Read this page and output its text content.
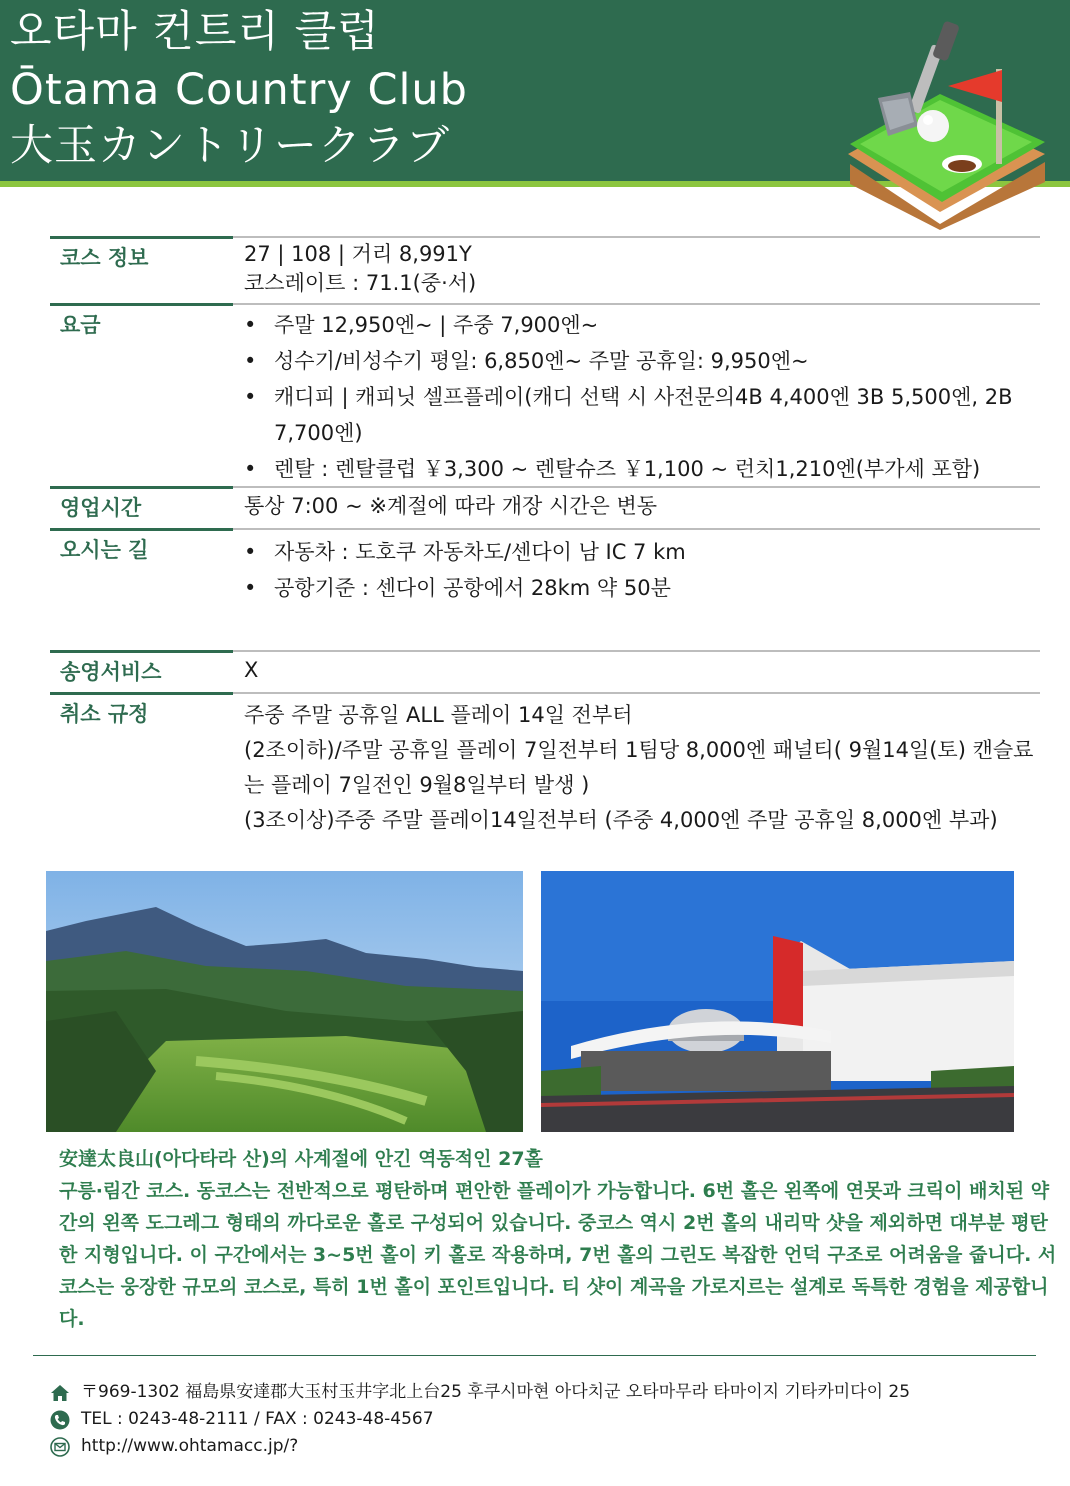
오타마 컨트리 클럽
Ōtama Country Club
大玉カントリークラブ
코스 정보	27 | 108 | 거리 8,991Y

코스레이트 : 71.1(중·서)

요금	• 주말 12,950엔~ | 주중 7,900엔~
• 성수기/비성수기 평일: 6,850엔~ 주말 공휴일: 9,950엔~
• 캐디피 | 캐피닛 셀프플레이(캐디 선택 시 사전문의4B 4,400엔 3B 5,500엔, 2B 7,700엔)
• 렌탈 : 렌탈클럽 ￥3,300 ~ 렌탈슈즈 ￥1,100 ~ 런치1,210엔(부가세 포함)
영업시간	통상 7:00 ~ ※계절에 따라 개장 시간은 변동
오시는 길	• 자동차 : 도호쿠 자동차도/센다이 남 IC 7 km
• 공항기준 : 센다이 공항에서 28km 약 50분
송영서비스	X
취소 규정	주중 주말 공휴일 ALL 플레이 14일 전부터

(2조이하)/주말 공휴일 플레이 7일전부터 1팀당 8,000엔 패널티( 9월14일(토) 캔슬료는 플레이 7일전인 9월8일부터 발생 )

(3조이상)주중 주말 플레이14일전부터 (주중 4,000엔 주말 공휴일 8,000엔 부과)

安達太良山(아다타라 산)의 사계절에 안긴 역동적인 27홀

구릉·림간 코스. 동코스는 전반적으로 평탄하며 편안한 플레이가 가능합니다. 6번 홀은 왼쪽에 연못과 크릭이 배치된 약간의 왼쪽 도그레그 형태의 까다로운 홀로 구성되어 있습니다. 중코스 역시 2번 홀의 내리막 샷을 제외하면 대부분 평탄한 지형입니다. 이 구간에서는 3~5번 홀이 키 홀로 작용하며, 7번 홀의 그린도 복잡한 언덕 구조로 어려움을 줍니다. 서코스는 웅장한 규모의 코스로, 특히 1번 홀이 포인트입니다. 티 샷이 계곡을 가로지르는 설계로 독특한 경험을 제공합니다.

〒969-1302 福島県安達郡大玉村玉井字北上台25 후쿠시마현 아다치군 오타마무라 타마이지 기타카미다이 25
TEL : 0243-48-2111 / FAX : 0243-48-4567
http://www.ohtamacc.jp/?
